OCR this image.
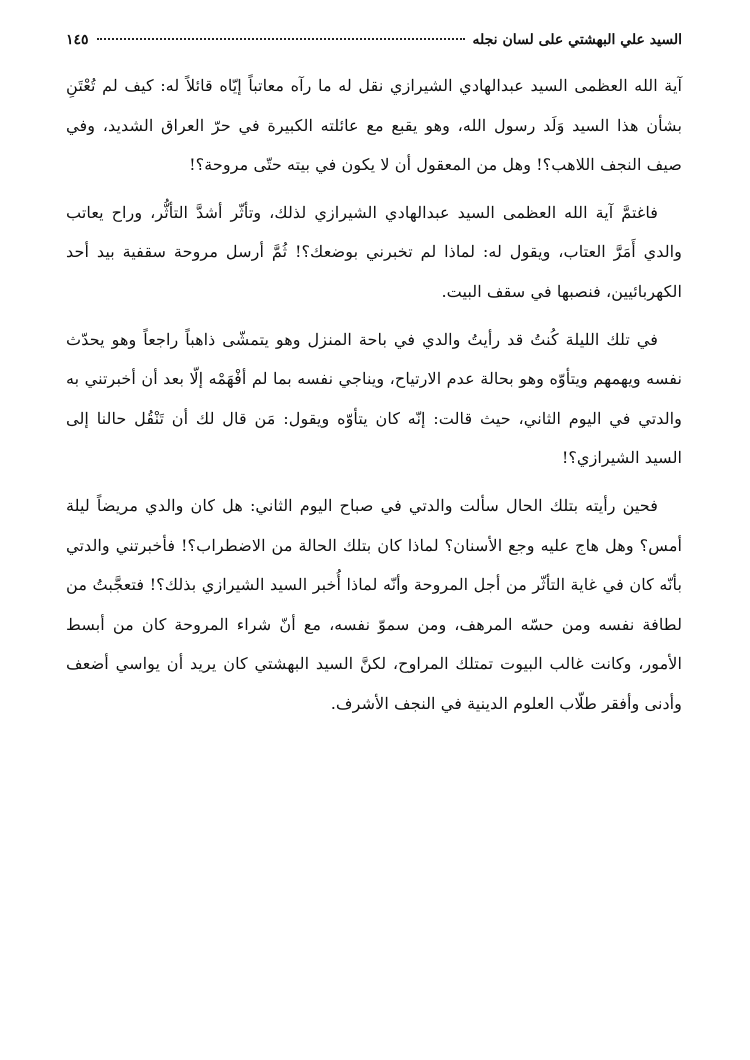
السيد علي البهشتي على لسان نجله
١٤٥

آية الله العظمى السيد عبدالهادي الشيرازي نقل له ما رآه معاتباً إيّاه قائلاً له: كيف لم تُعْتَنِ بشأن هذا السيد وَلَد رسول الله، وهو يقبع مع عائلته الكبيرة في حرّ العراق الشديد، وفي صيف النجف اللاهب؟! وهل من المعقول أن لا يكون في بيته حتّى مروحة؟!

فاغتمَّ آية الله العظمى السيد عبدالهادي الشيرازي لذلك، وتأثّر أشدَّ التأثُّر، وراح يعاتب والدي أَمَرَّ العتاب، ويقول له: لماذا لم تخبرني بوضعك؟! ثُمَّ أرسل مروحة سقفية بيد أحد الكهربائيين، فنصبها في سقف البيت.

في تلك الليلة كُنتُ قد رأيتُ والدي في باحة المنزل وهو يتمشّى ذاهباً راجعاً وهو يحدّث نفسه ويهمهم ويتأوّه وهو بحالة عدم الارتياح، ويناجي نفسه بما لم أفْهَمْه إلّا بعد أن أخبرتني به والدتي في اليوم الثاني، حيث قالت: إنّه كان يتأوّه ويقول: مَن قال لك أن تَنْقُل حالنا إلى السيد الشيرازي؟!

فحين رأيته بتلك الحال سألت والدتي في صباح اليوم الثاني: هل كان والدي مريضاً ليلة أمس؟ وهل هاج عليه وجع الأسنان؟ لماذا كان بتلك الحالة من الاضطراب؟! فأخبرتني والدتي بأنّه كان في غاية التأثّر من أجل المروحة وأنّه لماذا أُخبر السيد الشيرازي بذلك؟! فتعجَّبتُ من لطافة نفسه ومن حسّه المرهف، ومن سموّ نفسه، مع أنّ شراء المروحة كان من أبسط الأمور، وكانت غالب البيوت تمتلك المراوح، لكنَّ السيد البهشتي كان يريد أن يواسي أضعف وأدنى وأفقر طلّاب العلوم الدينية في النجف الأشرف.
